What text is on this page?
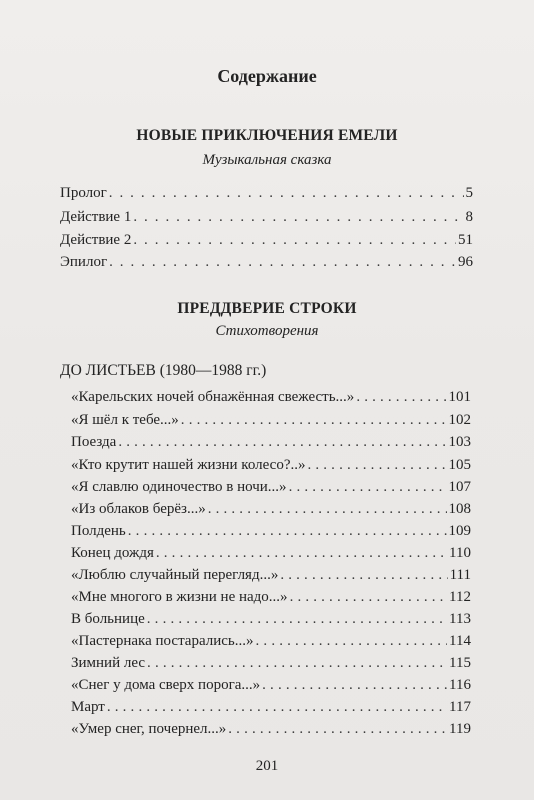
Содержание
НОВЫЕ ПРИКЛЮЧЕНИЯ ЕМЕЛИ
Музыкальная сказка
Пролог . . .	5
Действие 1 . . .	8
Действие 2 . . .	51
Эпилог . . .	96
ПРЕДДВЕРИЕ СТРОКИ
Стихотворения
ДО ЛИСТЬЕВ (1980—1988 гг.)
«Карельских ночей обнажённая свежесть...» . . .	101
«Я шёл к тебе...» . . .	102
Поезда . . .	103
«Кто крутит нашей жизни колесо?..» . . .	105
«Я славлю одиночество в ночи...» . . .	107
«Из облаков берёз...» . . .	108
Полдень . . .	109
Конец дождя . . .	110
«Люблю случайный перегляд...» . . .	111
«Мне многого в жизни не надо...» . . .	112
В больнице . . .	113
«Пастернака постарались...» . . .	114
Зимний лес . . .	115
«Снег у дома сверх порога...» . . .	116
Март . . .	117
«Умер снег, почернел...» . . .	119
201
